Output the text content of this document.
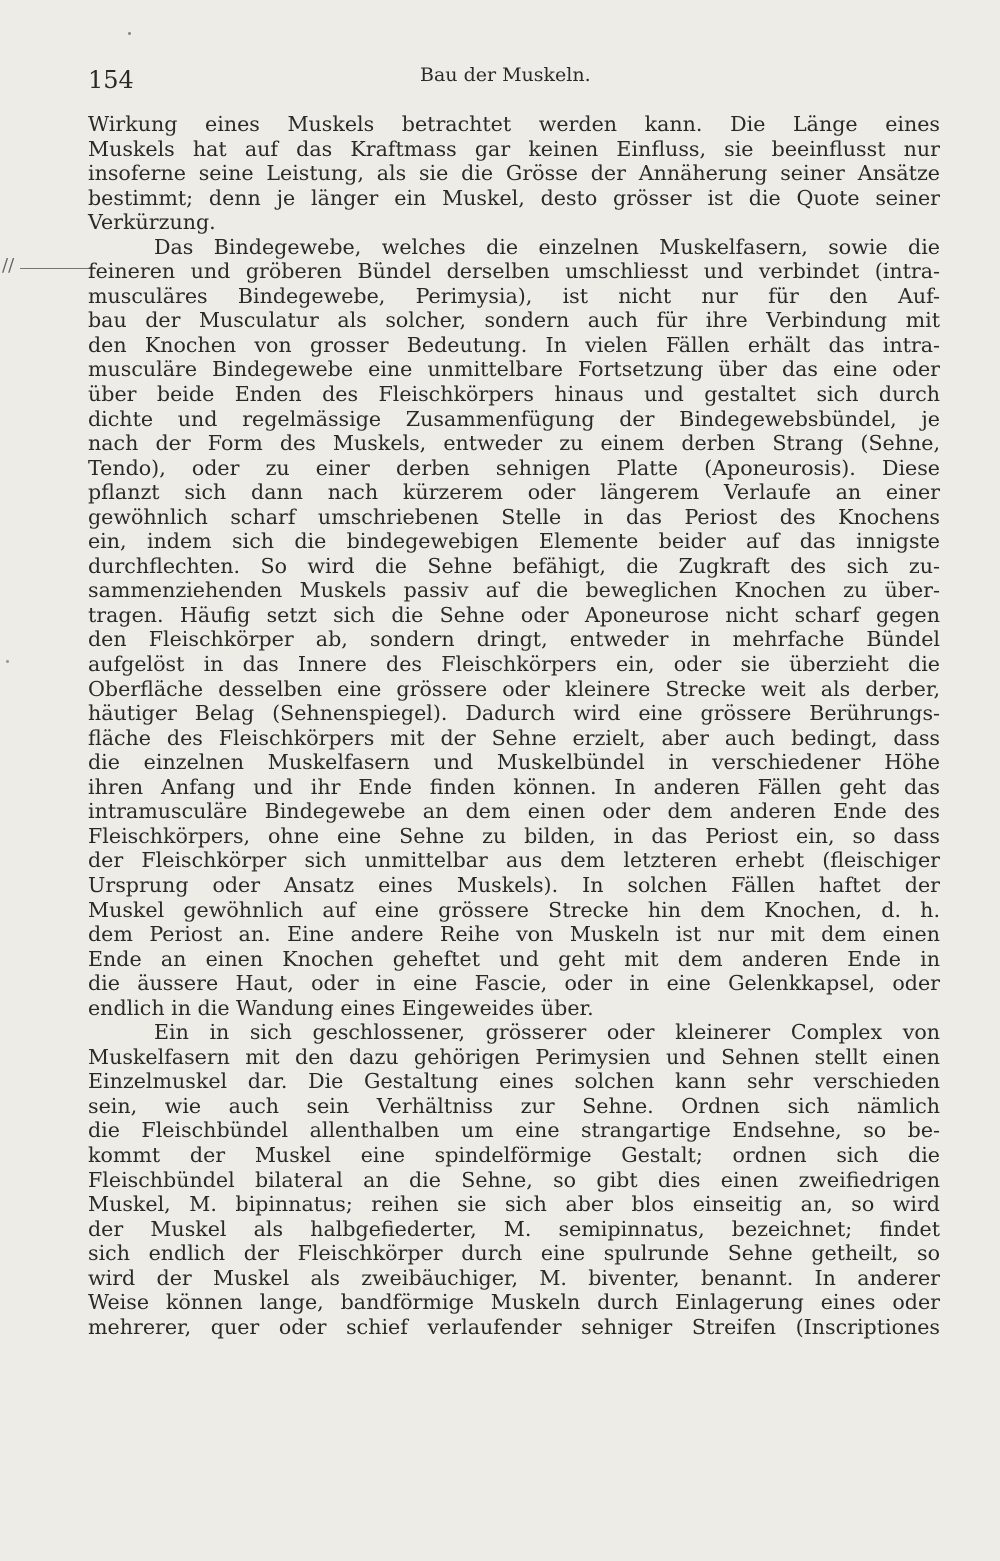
154	Bau der Muskeln.
//
Wirkung eines Muskels betrachtet werden kann. Die Länge eines
Muskels hat auf das Kraftmass gar keinen Einfluss, sie beeinflusst nur
insoferne seine Leistung, als sie die Grösse der Annäherung seiner Ansätze
bestimmt; denn je länger ein Muskel, desto grösser ist die Quote seiner
Verkürzung.
Das Bindegewebe, welches die einzelnen Muskelfasern, sowie die
feineren und gröberen Bündel derselben umschliesst und verbindet (intra-
musculäres Bindegewebe, Perimysia), ist nicht nur für den Auf-
bau der Musculatur als solcher, sondern auch für ihre Verbindung mit
den Knochen von grosser Bedeutung. In vielen Fällen erhält das intra-
musculäre Bindegewebe eine unmittelbare Fortsetzung über das eine oder
über beide Enden des Fleischkörpers hinaus und gestaltet sich durch
dichte und regelmässige Zusammenfügung der Bindegewebsbündel, je
nach der Form des Muskels, entweder zu einem derben Strang (Sehne,
Tendo), oder zu einer derben sehnigen Platte (Aponeurosis). Diese
pflanzt sich dann nach kürzerem oder längerem Verlaufe an einer
gewöhnlich scharf umschriebenen Stelle in das Periost des Knochens
ein, indem sich die bindegewebigen Elemente beider auf das innigste
durchflechten. So wird die Sehne befähigt, die Zugkraft des sich zu-
sammenziehenden Muskels passiv auf die beweglichen Knochen zu über-
tragen. Häufig setzt sich die Sehne oder Aponeurose nicht scharf gegen
den Fleischkörper ab, sondern dringt, entweder in mehrfache Bündel
aufgelöst in das Innere des Fleischkörpers ein, oder sie überzieht die
Oberfläche desselben eine grössere oder kleinere Strecke weit als derber,
häutiger Belag (Sehnenspiegel). Dadurch wird eine grössere Berührungs-
fläche des Fleischkörpers mit der Sehne erzielt, aber auch bedingt, dass
die einzelnen Muskelfasern und Muskelbündel in verschiedener Höhe
ihren Anfang und ihr Ende finden können. In anderen Fällen geht das
intramusculäre Bindegewebe an dem einen oder dem anderen Ende des
Fleischkörpers, ohne eine Sehne zu bilden, in das Periost ein, so dass
der Fleischkörper sich unmittelbar aus dem letzteren erhebt (fleischiger
Ursprung oder Ansatz eines Muskels). In solchen Fällen haftet der
Muskel gewöhnlich auf eine grössere Strecke hin dem Knochen, d. h.
dem Periost an. Eine andere Reihe von Muskeln ist nur mit dem einen
Ende an einen Knochen geheftet und geht mit dem anderen Ende in
die äussere Haut, oder in eine Fascie, oder in eine Gelenkkapsel, oder
endlich in die Wandung eines Eingeweides über.
Ein in sich geschlossener, grösserer oder kleinerer Complex von
Muskelfasern mit den dazu gehörigen Perimysien und Sehnen stellt einen
Einzelmuskel dar. Die Gestaltung eines solchen kann sehr verschieden
sein, wie auch sein Verhältniss zur Sehne. Ordnen sich nämlich
die Fleischbündel allenthalben um eine strangartige Endsehne, so be-
kommt der Muskel eine spindelförmige Gestalt; ordnen sich die
Fleischbündel bilateral an die Sehne, so gibt dies einen zweifiedrigen
Muskel, M. bipinnatus; reihen sie sich aber blos einseitig an, so wird
der Muskel als halbgefiederter, M. semipinnatus, bezeichnet; findet
sich endlich der Fleischkörper durch eine spulrunde Sehne getheilt, so
wird der Muskel als zweibäuchiger, M. biventer, benannt. In anderer
Weise können lange, bandförmige Muskeln durch Einlagerung eines oder
mehrerer, quer oder schief verlaufender sehniger Streifen (Inscriptiones
